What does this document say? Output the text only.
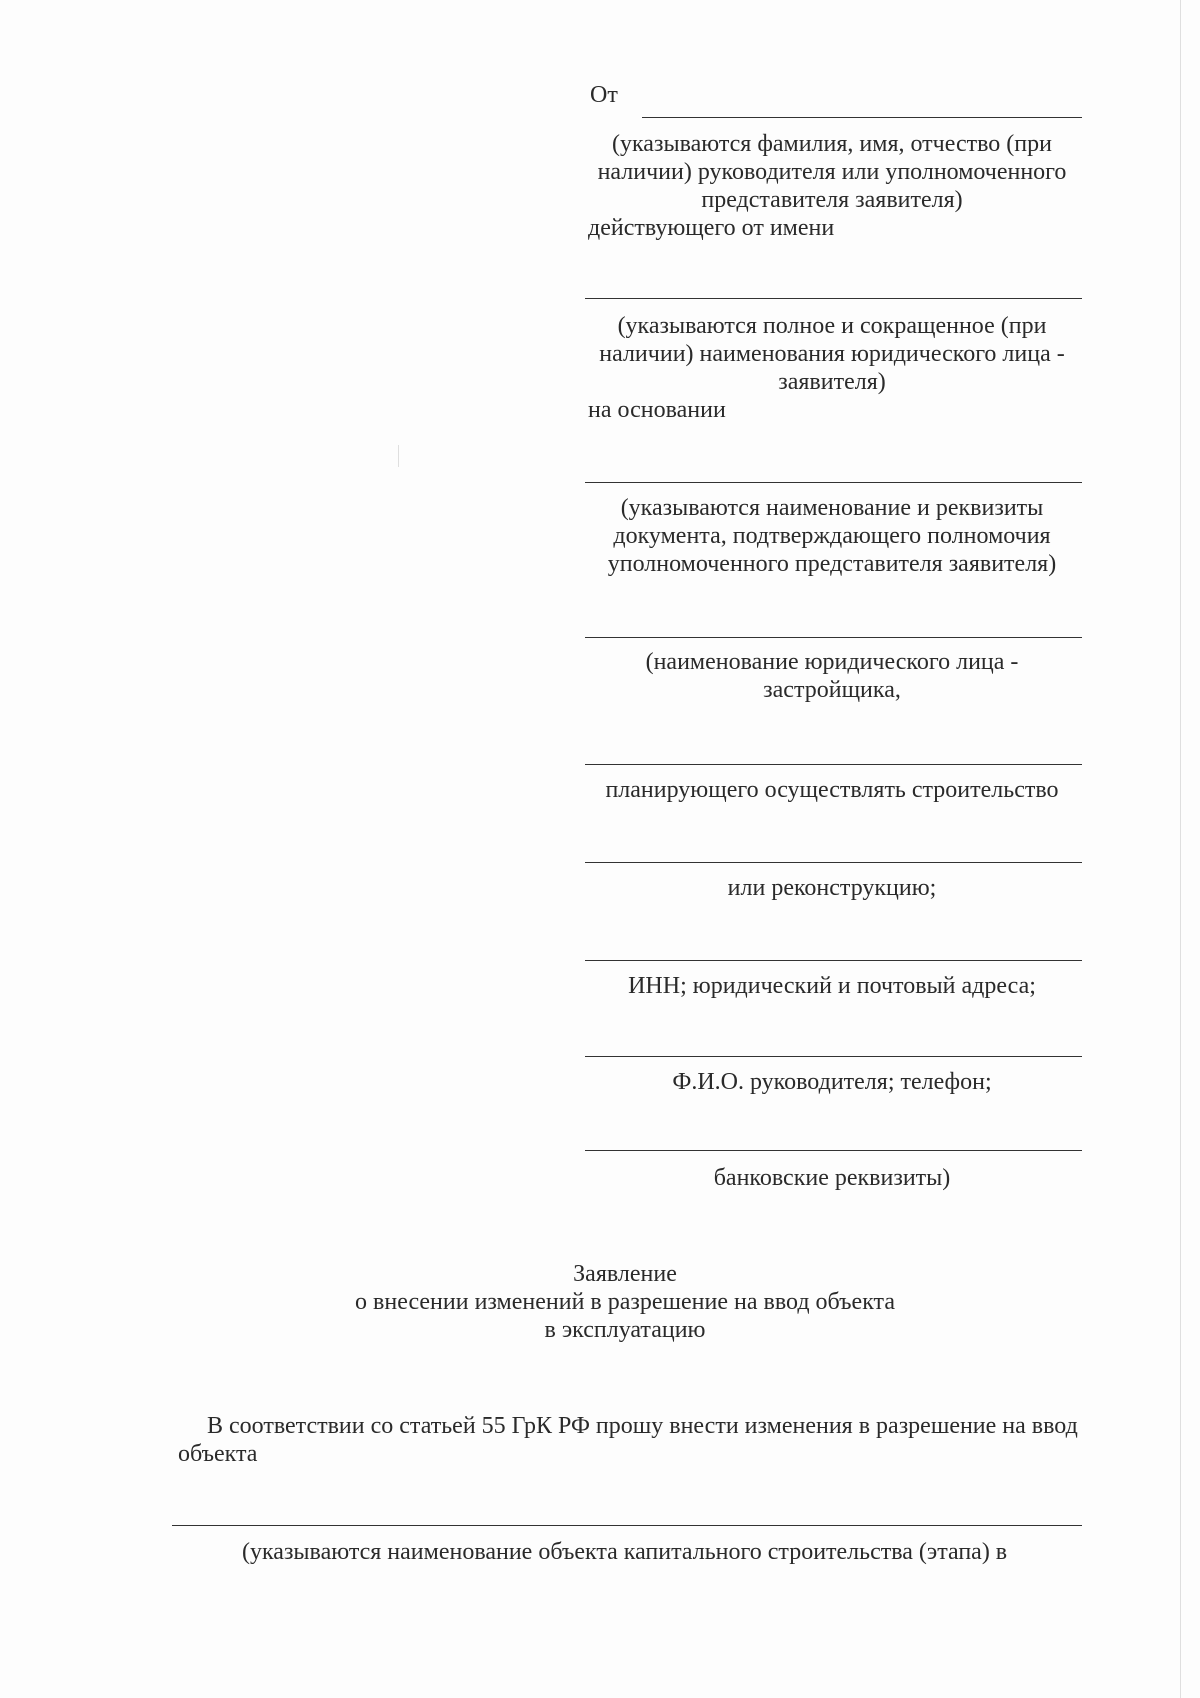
От
(указываются фамилия, имя, отчество (при
наличии) руководителя или уполномоченного
представителя заявителя)
действующего от имени
(указываются полное и сокращенное (при
наличии) наименования юридического лица -
заявителя)
на основании
(указываются наименование и реквизиты
документа, подтверждающего полномочия
уполномоченного представителя заявителя)
(наименование юридического лица -
застройщика,
планирующего осуществлять строительство
или реконструкцию;
ИНН; юридический и почтовый адреса;
Ф.И.О. руководителя; телефон;
банковские реквизиты)
Заявление
о внесении изменений в разрешение на ввод объекта
в эксплуатацию
В соответствии со статьей 55 ГрК РФ прошу внести изменения в разрешение на ввод
объекта
(указываются наименование объекта капитального строительства (этапа) в
